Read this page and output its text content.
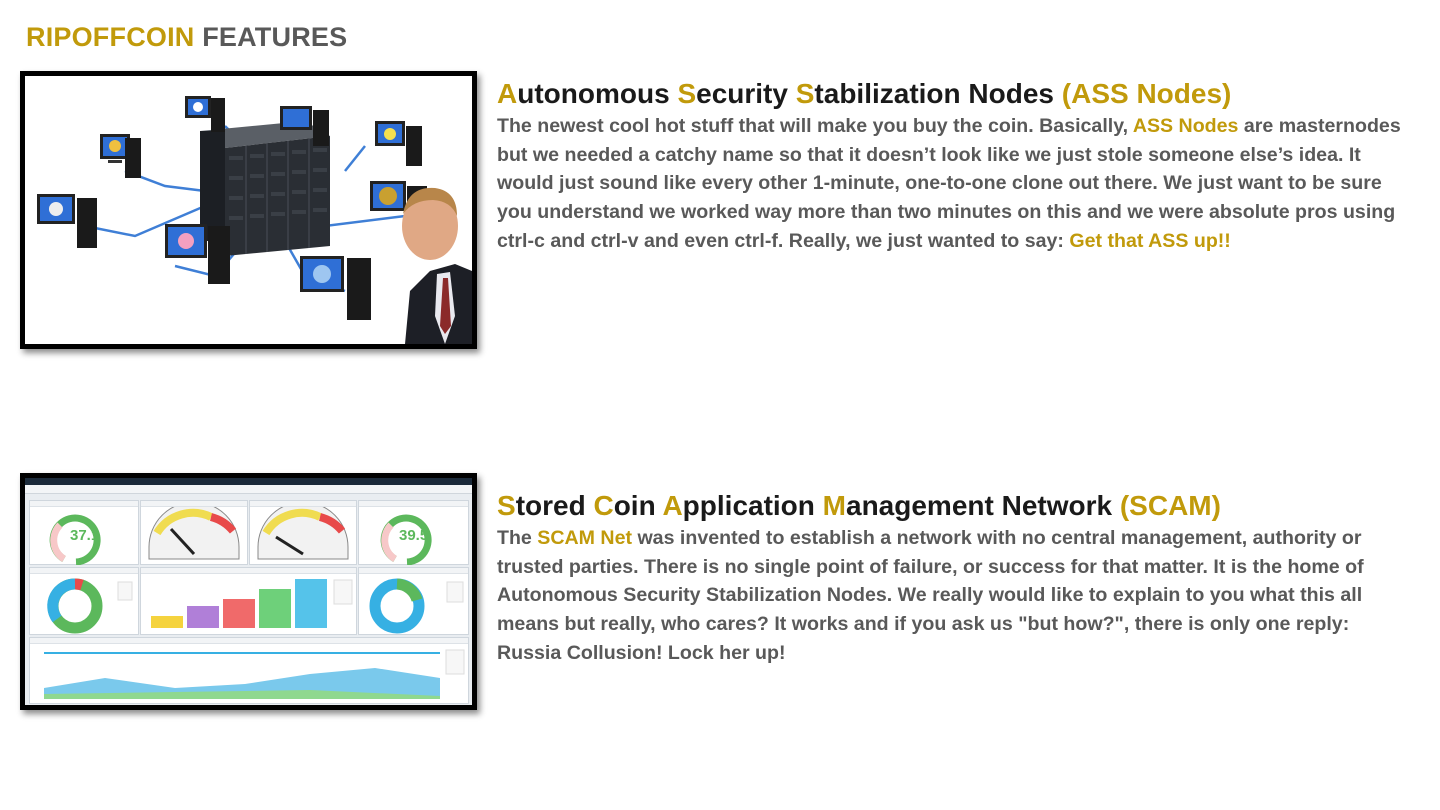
RIPOFFCOIN FEATURES
Autonomous Security Stabilization Nodes (ASS Nodes)

The newest cool hot stuff that will make you buy the coin. Basically, ASS Nodes are masternodes but we needed a catchy name so that it doesn’t look like we just stole someone else’s idea. It would just sound like every other 1-minute, one-to-one clone out there. We just want to be sure you understand we worked way more than two minutes on this and we were absolute pros using ctrl-c and ctrl-v and even ctrl-f. Really, we just wanted to say: Get that ASS up!!

37.1	39.5
Stored Coin Application Management Network (SCAM)

The SCAM Net was invented to establish a network with no central management, authority or trusted parties. There is no single point of failure, or success for that matter. It is the home of Autonomous Security Stabilization Nodes. We really would like to explain to you what this all means but really, who cares? It works and if you ask us "but how?", there is only one reply: Russia Collusion! Lock her up!
